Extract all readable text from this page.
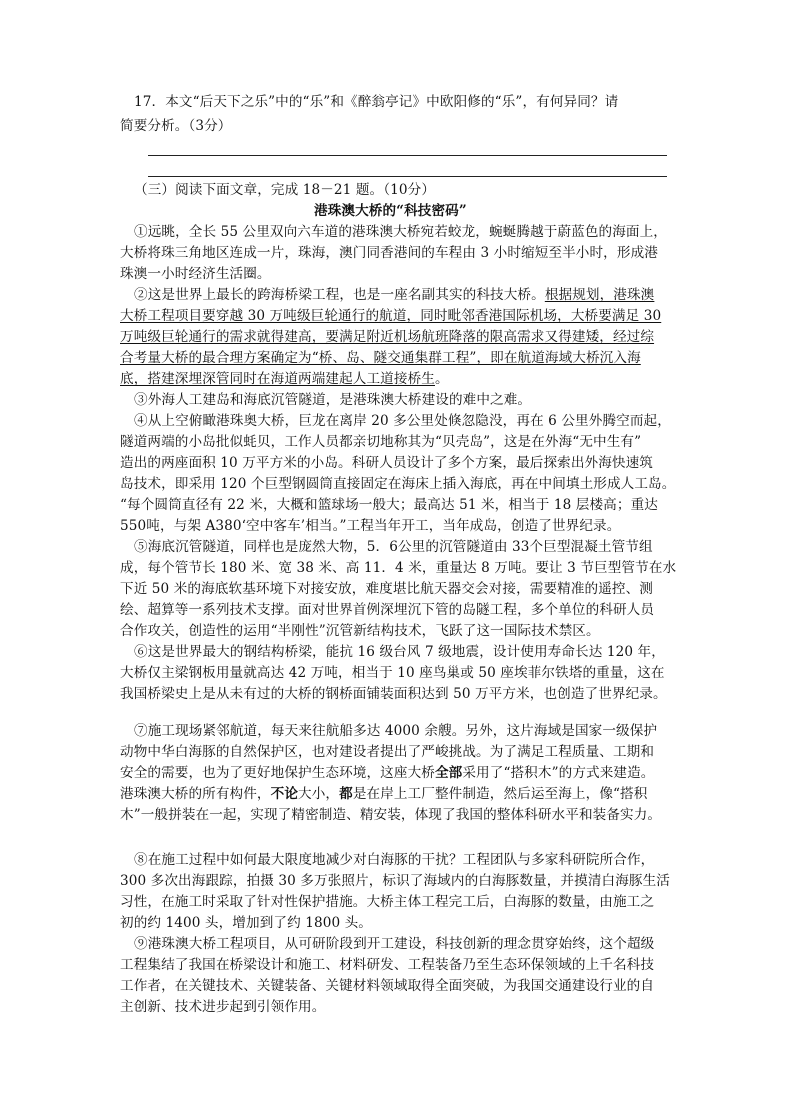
17．本文“后天下之乐”中的“乐”和《醉翁亭记》中欧阳修的“乐”，有何异同？请
简要分析。（3分）
（三）阅读下面文章，完成 18－21 题。（10分）
港珠澳大桥的“科技密码”
①远眺，全长 55 公里双向六车道的港珠澳大桥宛若蛟龙，蜿蜒腾越于蔚蓝色的海面上，
大桥将珠三角地区连成一片，珠海，澳门同香港间的车程由 3 小时缩短至半小时，形成港
珠澳一小时经济生活圈。
②这是世界上最长的跨海桥梁工程，也是一座名副其实的科技大桥。根据规划，港珠澳
大桥工程项目要穿越 30 万吨级巨轮通行的航道，同时毗邻香港国际机场，大桥要满足 30
万吨级巨轮通行的需求就得建高，要满足附近机场航班降落的限高需求又得建矮，经过综
合考量大桥的最合理方案确定为“桥、岛、隧交通集群工程”，即在航道海域大桥沉入海
底，搭建深埋深管同时在海道两端建起人工道接桥生。
③外海人工建岛和海底沉管隧道，是港珠澳大桥建设的难中之难。
④从上空俯瞰港珠奥大桥，巨龙在离岸 20 多公里处倏忽隐没，再在 6 公里外腾空而起，
隧道两端的小岛批似蚝贝，工作人员都亲切地称其为“贝壳岛”，这是在外海“无中生有”
造出的两座面积 10 万平方米的小岛。科研人员设计了多个方案，最后探索出外海快速筑
岛技术，即采用 120 个巨型钢圆筒直接固定在海床上插入海底，再在中间填土形成人工岛。
“每个圆筒直径有 22 米，大概和篮球场一般大；最高达 51 米，相当于 18 层楼高；重达
550吨，与架 A380‘空中客车’相当。”工程当年开工，当年成岛，创造了世界纪录。
⑤海底沉管隧道，同样也是庞然大物，5．6公里的沉管隧道由 33个巨型混凝土管节组
成，每个管节长 180 米、宽 38 米、高 11．4 米，重量达 8 万吨。要让 3 节巨型管节在水
下近 50 米的海底软基环境下对接安放，难度堪比航天器交会对接，需要精准的遥控、测
绘、超算等一系列技术支撑。面对世界首例深埋沉下管的岛隧工程，多个单位的科研人员
合作攻关，创造性的运用“半刚性”沉管新结构技术，飞跃了这一国际技术禁区。
⑥这是世界最大的钢结构桥梁，能抗 16 级台风 7 级地震，设计使用寿命长达 120 年，
大桥仅主梁钢板用量就高达 42 万吨，相当于 10 座鸟巢或 50 座埃菲尔铁塔的重量，这在
我国桥梁史上是从未有过的大桥的钢桥面铺装面积达到 50 万平方米，也创造了世界纪录。
⑦施工现场紧邻航道，每天来往航船多达 4000 余艘。另外，这片海域是国家一级保护
动物中华白海豚的自然保护区，也对建设者提出了严峻挑战。为了满足工程质量、工期和
安全的需要，也为了更好地保护生态环境，这座大桥全部采用了“搭积木”的方式来建造。
港珠澳大桥的所有构件，不论大小，都是在岸上工厂整件制造，然后运至海上，像“搭积
木”一般拼装在一起，实现了精密制造、精安装，体现了我国的整体科研水平和装备实力。
⑧在施工过程中如何最大限度地减少对白海豚的干扰？工程团队与多家科研院所合作，
300 多次出海跟踪，拍摄 30 多万张照片，标识了海域内的白海豚数量，并摸清白海豚生活
习性，在施工时采取了针对性保护措施。大桥主体工程完工后，白海豚的数量，由施工之
初的约 1400 头，增加到了约 1800 头。
⑨港珠澳大桥工程项目，从可研阶段到开工建设，科技创新的理念贯穿始终，这个超级
工程集结了我国在桥梁设计和施工、材料研发、工程装备乃至生态环保领域的上千名科技
工作者，在关键技术、关键装备、关键材料领域取得全面突破，为我国交通建设行业的自
主创新、技术进步起到引领作用。
